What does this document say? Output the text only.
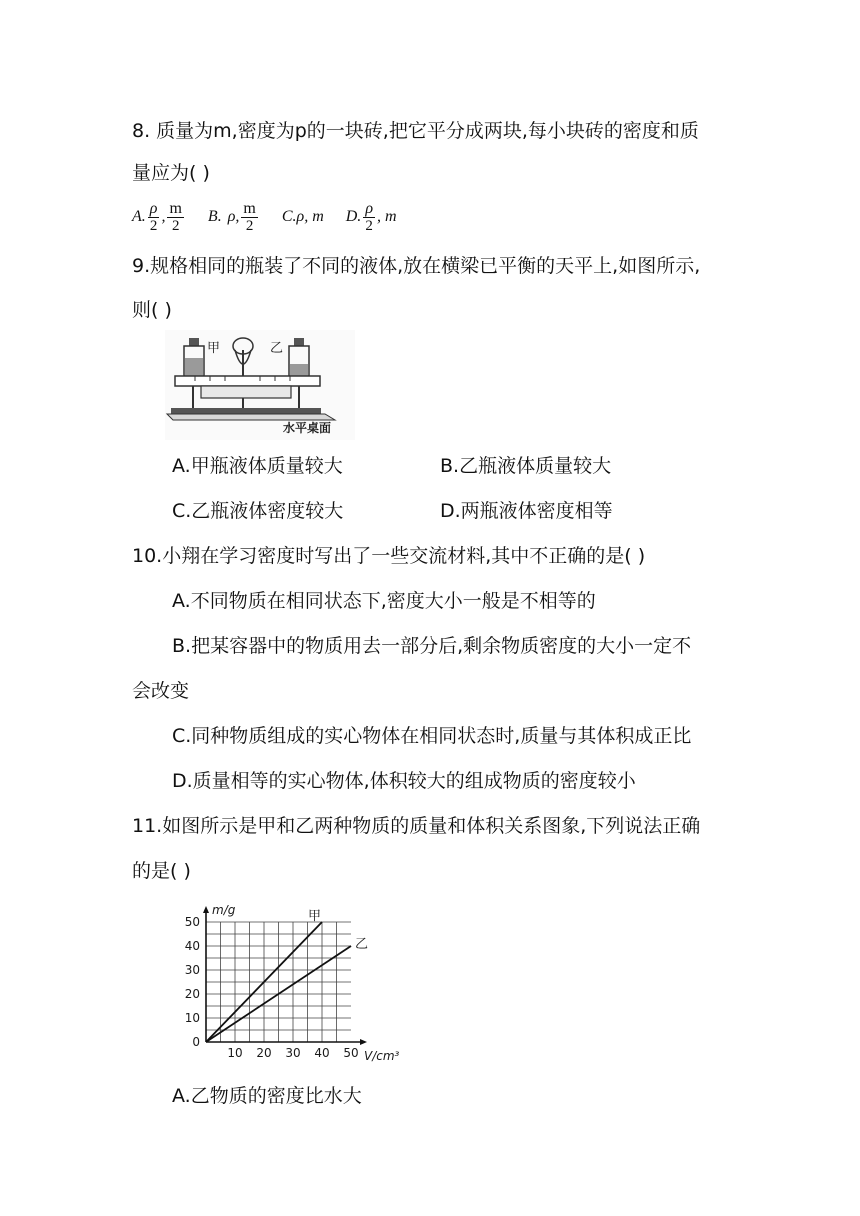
8. 质量为m,密度为p的一块砖,把它平分成两块,每小块砖的密度和质
量应为( )
A. $\frac{\rho}{2}$ , $\frac{m}{2} B$. ρ, $\frac{m}{2} C$. ρ, m D. $\frac{\rho}{2}$ , m
9.规格相同的瓶装了不同的液体,放在横梁已平衡的天平上,如图所示,
则( )
甲	乙
水平桌面
A.甲瓶液体质量较大	B.乙瓶液体质量较大
C.乙瓶液体密度较大	D.两瓶液体密度相等
10.小翔在学习密度时写出了一些交流材料,其中不正确的是( )
A.不同物质在相同状态下,密度大小一般是不相等的
B.把某容器中的物质用去一部分后,剩余物质密度的大小一定不
会改变
C.同种物质组成的实心物体在相同状态时,质量与其体积成正比
D.质量相等的实心物体,体积较大的组成物质的密度较小
11.如图所示是甲和乙两种物质的质量和体积关系图象,下列说法正确
的是( )
0
10
20
30
40
50
10 20 30 40 50
甲
乙
m/g
V/cm³
A.乙物质的密度比水大
